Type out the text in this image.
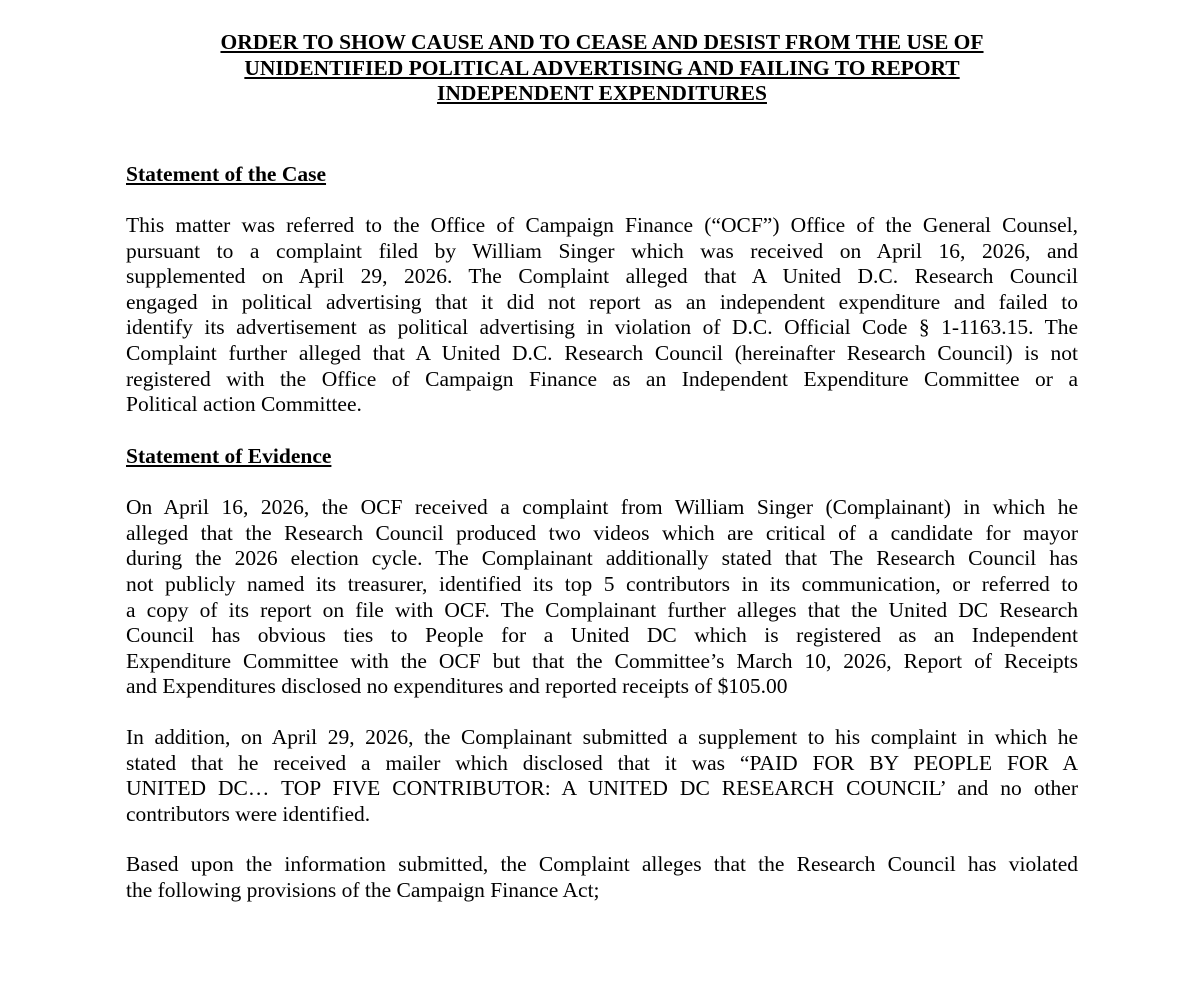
ORDER TO SHOW CAUSE AND TO CEASE AND DESIST FROM THE USE OF
UNIDENTIFIED POLITICAL ADVERTISING AND FAILING TO REPORT
INDEPENDENT EXPENDITURES
Statement of the Case

This matter was referred to the Office of Campaign Finance (“OCF”) Office of the General Counsel,
pursuant to a complaint filed by William Singer which was received on April 16, 2026, and
supplemented on April 29, 2026. The Complaint alleged that A United D.C. Research Council
engaged in political advertising that it did not report as an independent expenditure and failed to
identify its advertisement as political advertising in violation of D.C. Official Code § 1-1163.15. The
Complaint further alleged that A United D.C. Research Council (hereinafter Research Council) is not
registered with the Office of Campaign Finance as an Independent Expenditure Committee or a
Political action Committee.

Statement of Evidence

On April 16, 2026, the OCF received a complaint from William Singer (Complainant) in which he
alleged that the Research Council produced two videos which are critical of a candidate for mayor
during the 2026 election cycle. The Complainant additionally stated that The Research Council has
not publicly named its treasurer, identified its top 5 contributors in its communication, or referred to
a copy of its report on file with OCF. The Complainant further alleges that the United DC Research
Council has obvious ties to People for a United DC which is registered as an Independent
Expenditure Committee with the OCF but that the Committee’s March 10, 2026, Report of Receipts
and Expenditures disclosed no expenditures and reported receipts of $105.00

In addition, on April 29, 2026, the Complainant submitted a supplement to his complaint in which he
stated that he received a mailer which disclosed that it was “PAID FOR BY PEOPLE FOR A
UNITED DC… TOP FIVE CONTRIBUTOR: A UNITED DC RESEARCH COUNCIL’ and no other
contributors were identified.

Based upon the information submitted, the Complaint alleges that the Research Council has violated
the following provisions of the Campaign Finance Act;
